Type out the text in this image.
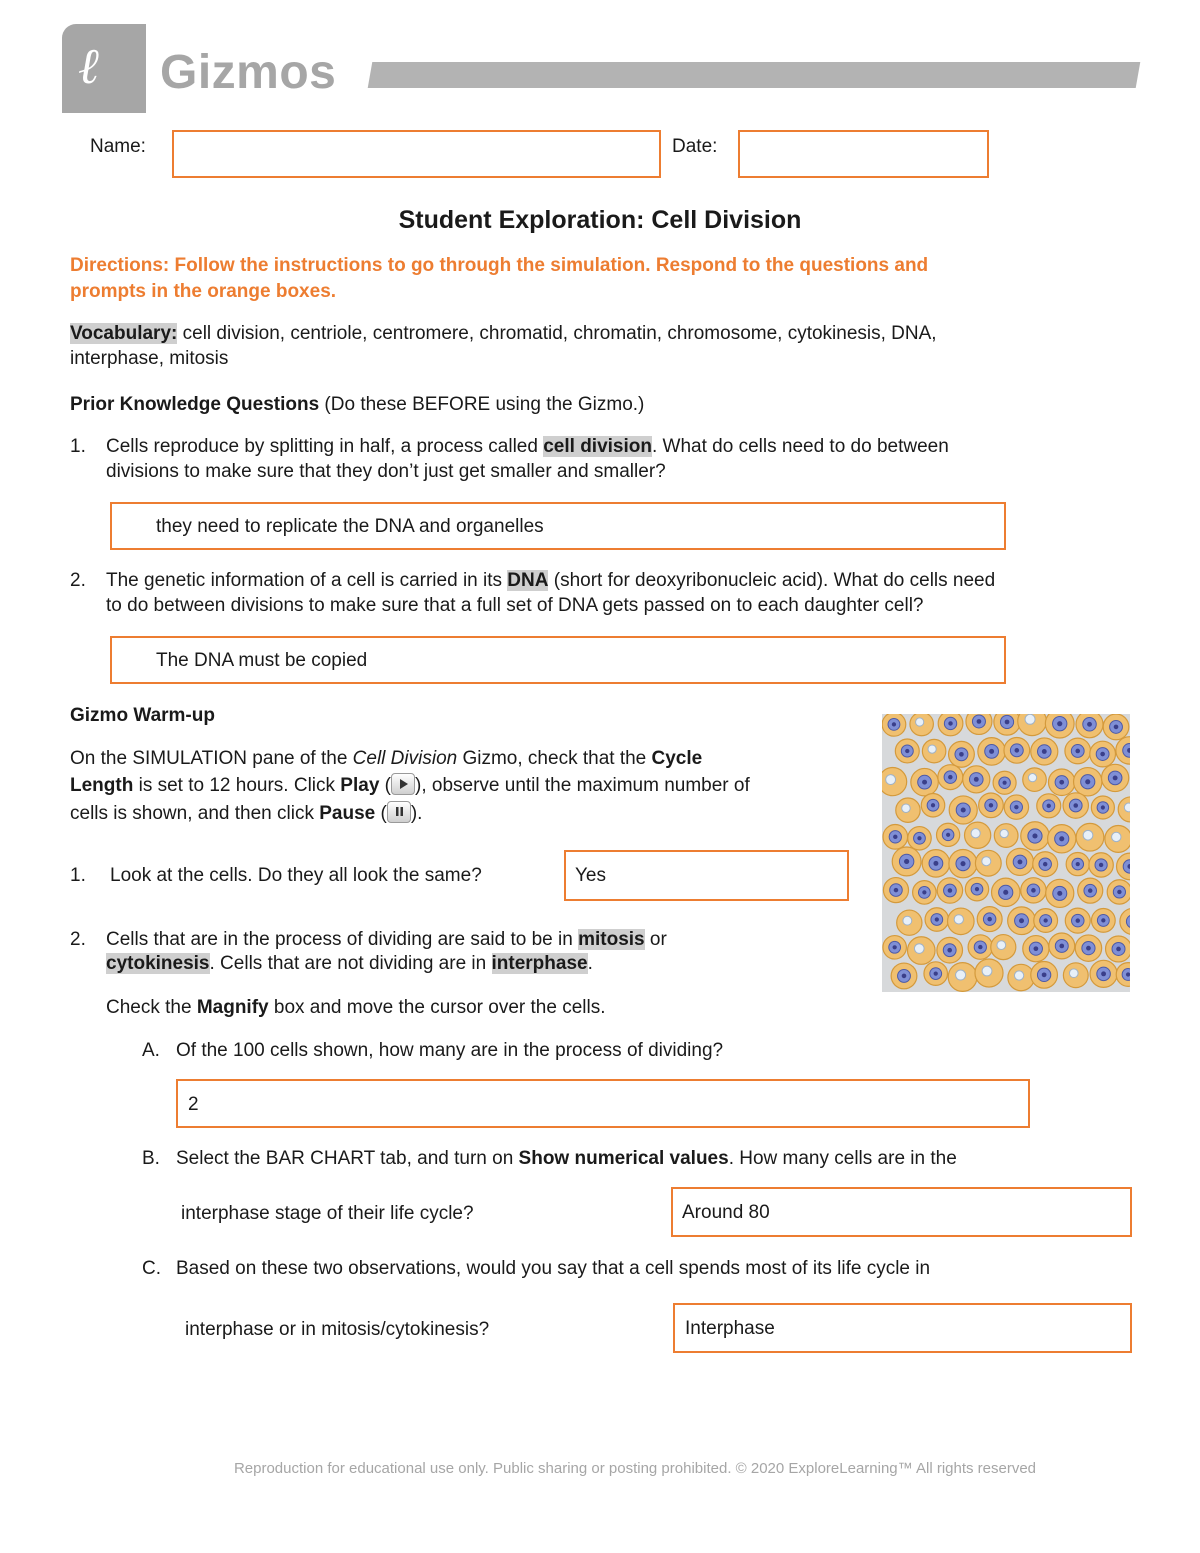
ℓ Gizmos
Name:	Date:
Student Exploration: Cell Division
Directions: Follow the instructions to go through the simulation. Respond to the questions and
prompts in the orange boxes.
Vocabulary: cell division, centriole, centromere, chromatid, chromatin, chromosome, cytokinesis, DNA,
interphase, mitosis
Prior Knowledge Questions (Do these BEFORE using the Gizmo.)
1. Cells reproduce by splitting in half, a process called cell division. What do cells need to do between
divisions to make sure that they don’t just get smaller and smaller?
they need to replicate the DNA and organelles
2. The genetic information of a cell is carried in its DNA (short for deoxyribonucleic acid). What do cells need
to do between divisions to make sure that a full set of DNA gets passed on to each daughter cell?
The DNA must be copied
Gizmo Warm-up
On the SIMULATION pane of the Cell Division Gizmo, check that the Cycle
Length is set to 12 hours. Click Play ( ), observe until the maximum number of
cells is shown, and then click Pause ( ).
1. Look at the cells. Do they all look the same?	Yes
2. Cells that are in the process of dividing are said to be in mitosis or
cytokinesis. Cells that are not dividing are in interphase.
Check the Magnify box and move the cursor over the cells.
A. Of the 100 cells shown, how many are in the process of dividing?
2
B. Select the BAR CHART tab, and turn on Show numerical values. How many cells are in the
interphase stage of their life cycle?	Around 80
C. Based on these two observations, would you say that a cell spends most of its life cycle in
interphase or in mitosis/cytokinesis?	Interphase
Reproduction for educational use only. Public sharing or posting prohibited. © 2020 ExploreLearning™ All rights reserved
